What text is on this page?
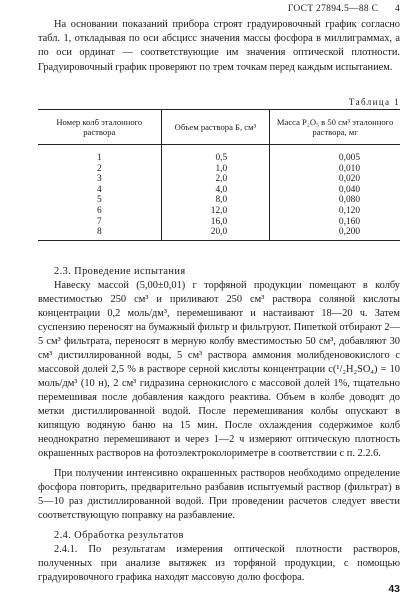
ГОСТ 27894.5—88 С 4

На основании показаний прибора строят градуировочный график согласно табл. 1, откладывая по оси абсцисс значения массы фосфора в миллиграммах, а по оси ординат — соответствующие им значения оптической плотности. Градуировочный график проверяют по трем точкам перед каждым испытанием.

Таблица 1
Номер колб эталонного раствора	Объем раствора Б, см³	Масса P₂O₅ в 50 см³ эталонного раствора, мг
1	0,5	0,005
2	1,0	0,010
3	2,0	0,020
4	4,0	0,040
5	8,0	0,080
6	12,0	0,120
7	16,0	0,160
8	20,0	0,200

2.3. Проведение испытания

Навеску массой (5,00±0,01) г торфяной продукции помещают в колбу вместимостью 250 см³ и приливают 250 см³ раствора соляной кислоты концентрации 0,2 моль/дм³, перемешивают и настаивают 18—20 ч. Затем суспензию переносят на бумажный фильтр и фильтруют. Пипеткой отбирают 2—5 см³ фильтрата, переносят в мерную колбу вместимостью 50 см³, добавляют 30 см³ дистиллированной воды, 5 см³ раствора аммония молибденовокислого с массовой долей 2,5 % в растворе серной кислоты концентрации c(¹/₂H₂SO₄) = 10 моль/дм³ (10 н), 2 см³ гидразина сернокислого с массовой долей 1%, тщательно перемешивая после добавления каждого реактива. Объем в колбе доводят до метки дистиллированной водой. После перемешивания колбы опускают в кипящую водяную баню на 15 мин. После охлаждения содержимое колб неоднократно перемешивают и через 1—2 ч измеряют оптическую плотность окрашенных растворов на фотоэлектроколориметре в соответствии с п. 2.2.6.

При получении интенсивно окрашенных растворов необходимо определение фосфора повторить, предварительно разбавив испытуемый раствор (фильтрат) в 5—10 раз дистиллированной водой. При проведении расчетов следует ввести соответствующую поправку на разбавление.

2.4. Обработка результатов

2.4.1. По результатам измерения оптической плотности растворов, полученных при анализе вытяжек из торфяной продукции, с помощью градуировочного графика находят массовую долю фосфора.

43
